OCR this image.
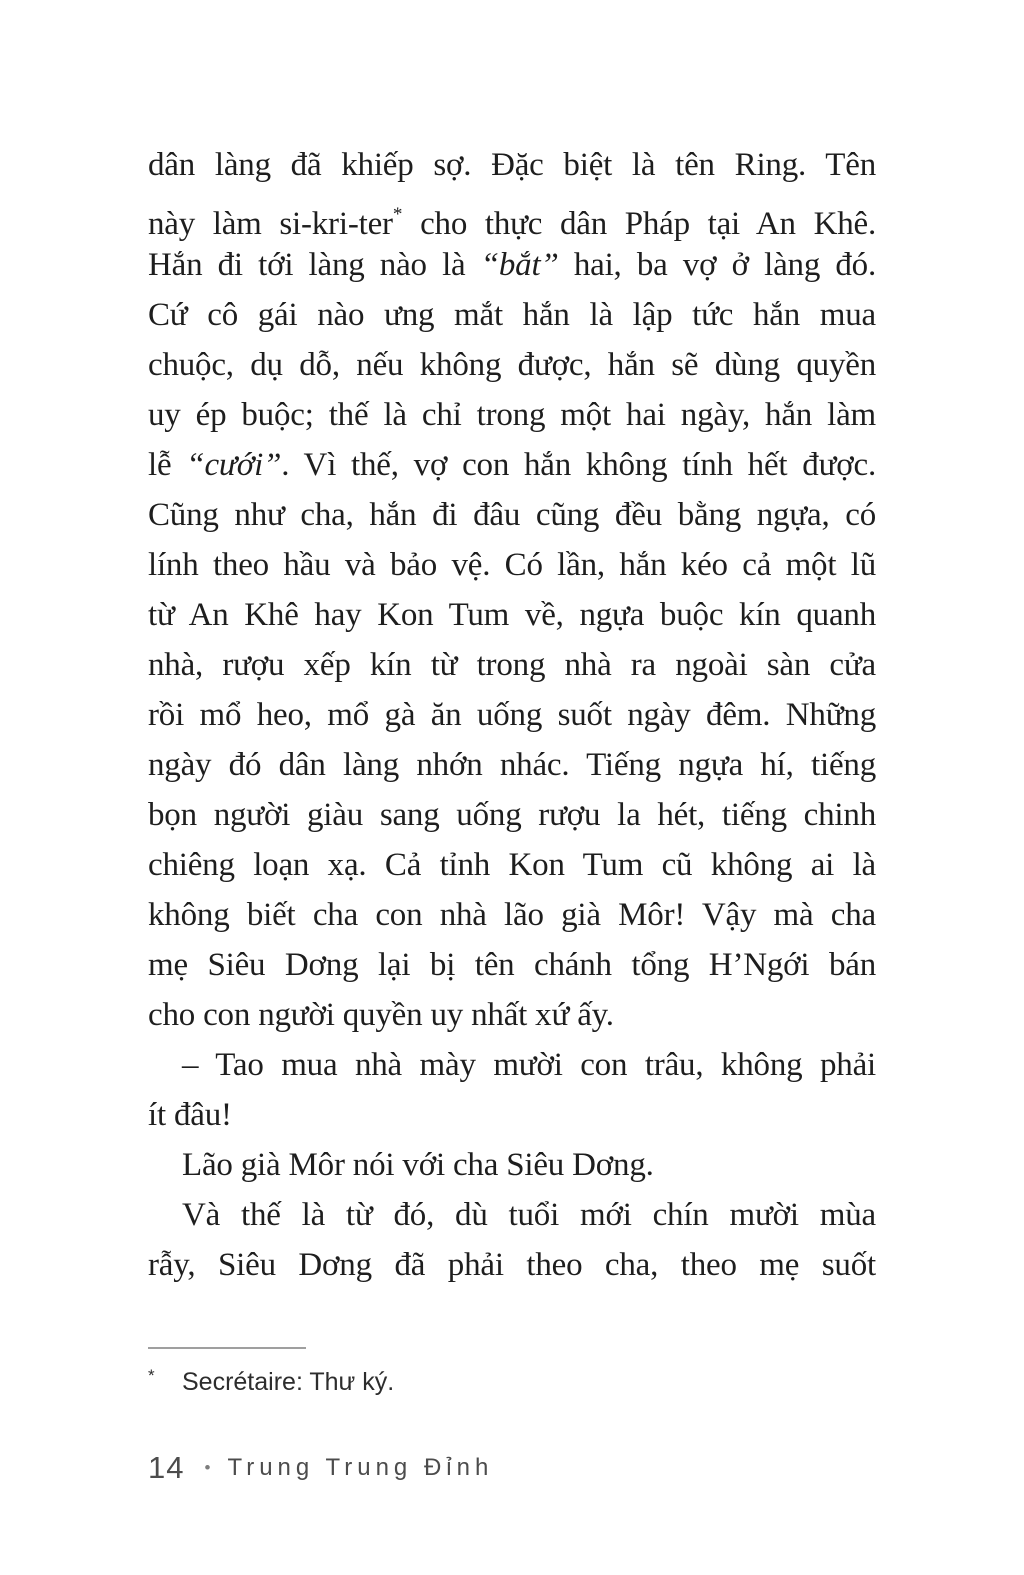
dân làng đã khiếp sợ. Đặc biệt là tên Ring. Tên
này làm si-kri-ter* cho thực dân Pháp tại An Khê.
Hắn đi tới làng nào là “bắt” hai, ba vợ ở làng đó.
Cứ cô gái nào ưng mắt hắn là lập tức hắn mua
chuộc, dụ dỗ, nếu không được, hắn sẽ dùng quyền
uy ép buộc; thế là chỉ trong một hai ngày, hắn làm
lễ “cưới”. Vì thế, vợ con hắn không tính hết được.
Cũng như cha, hắn đi đâu cũng đều bằng ngựa, có
lính theo hầu và bảo vệ. Có lần, hắn kéo cả một lũ
từ An Khê hay Kon Tum về, ngựa buộc kín quanh
nhà, rượu xếp kín từ trong nhà ra ngoài sàn cửa
rồi mổ heo, mổ gà ăn uống suốt ngày đêm. Những
ngày đó dân làng nhớn nhác. Tiếng ngựa hí, tiếng
bọn người giàu sang uống rượu la hét, tiếng chinh
chiêng loạn xạ. Cả tỉnh Kon Tum cũ không ai là
không biết cha con nhà lão già Môr! Vậy mà cha
mẹ Siêu Dơng lại bị tên chánh tổng H’Ngới bán
cho con người quyền uy nhất xứ ấy.
– Tao mua nhà mày mười con trâu, không phải
ít đâu!
Lão già Môr nói với cha Siêu Dơng.
Và thế là từ đó, dù tuổi mới chín mười mùa
rẫy, Siêu Dơng đã phải theo cha, theo mẹ suốt
* Secrétaire: Thư ký.
14 • Trung Trung Đỉnh
